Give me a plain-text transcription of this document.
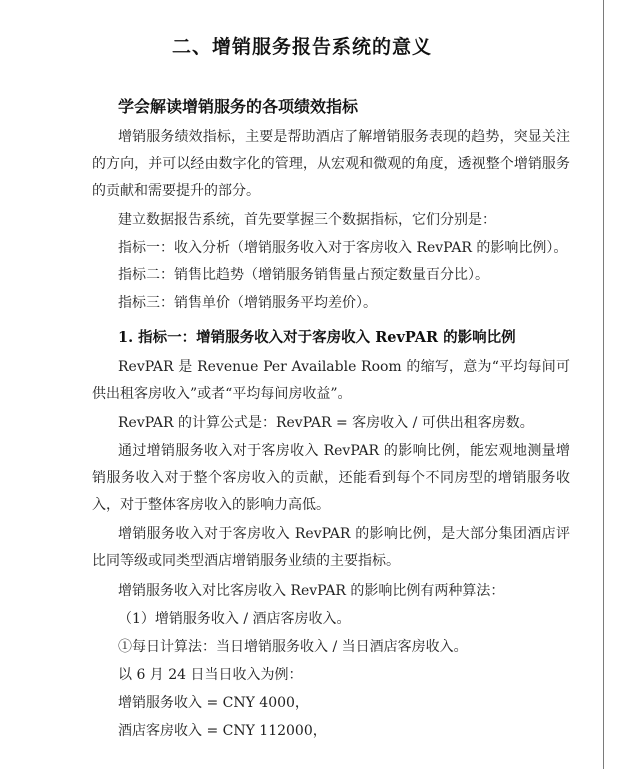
二、增销服务报告系统的意义
学会解读增销服务的各项绩效指标

增销服务绩效指标，主要是帮助酒店了解增销服务表现的趋势，突显关注的方向，并可以经由数字化的管理，从宏观和微观的角度，透视整个增销服务的贡献和需要提升的部分。

建立数据报告系统，首先要掌握三个数据指标，它们分别是：

指标一：收入分析（增销服务收入对于客房收入 RevPAR 的影响比例）。

指标二：销售比趋势（增销服务销售量占预定数量百分比）。

指标三：销售单价（增销服务平均差价）。

1. 指标一：增销服务收入对于客房收入 RevPAR 的影响比例

RevPAR 是 Revenue Per Available Room 的缩写，意为“平均每间可供出租客房收入”或者“平均每间房收益”。

RevPAR 的计算公式是：RevPAR = 客房收入 / 可供出租客房数。

通过增销服务收入对于客房收入 RevPAR 的影响比例，能宏观地测量增销服务收入对于整个客房收入的贡献，还能看到每个不同房型的增销服务收入，对于整体客房收入的影响力高低。

增销服务收入对于客房收入 RevPAR 的影响比例，是大部分集团酒店评比同等级或同类型酒店增销服务业绩的主要指标。

增销服务收入对比客房收入 RevPAR 的影响比例有两种算法：

（1）增销服务收入 / 酒店客房收入。

①每日计算法：当日增销服务收入 / 当日酒店客房收入。

以 6 月 24 日当日收入为例：

增销服务收入 = CNY 4000，

酒店客房收入 = CNY 112000，
